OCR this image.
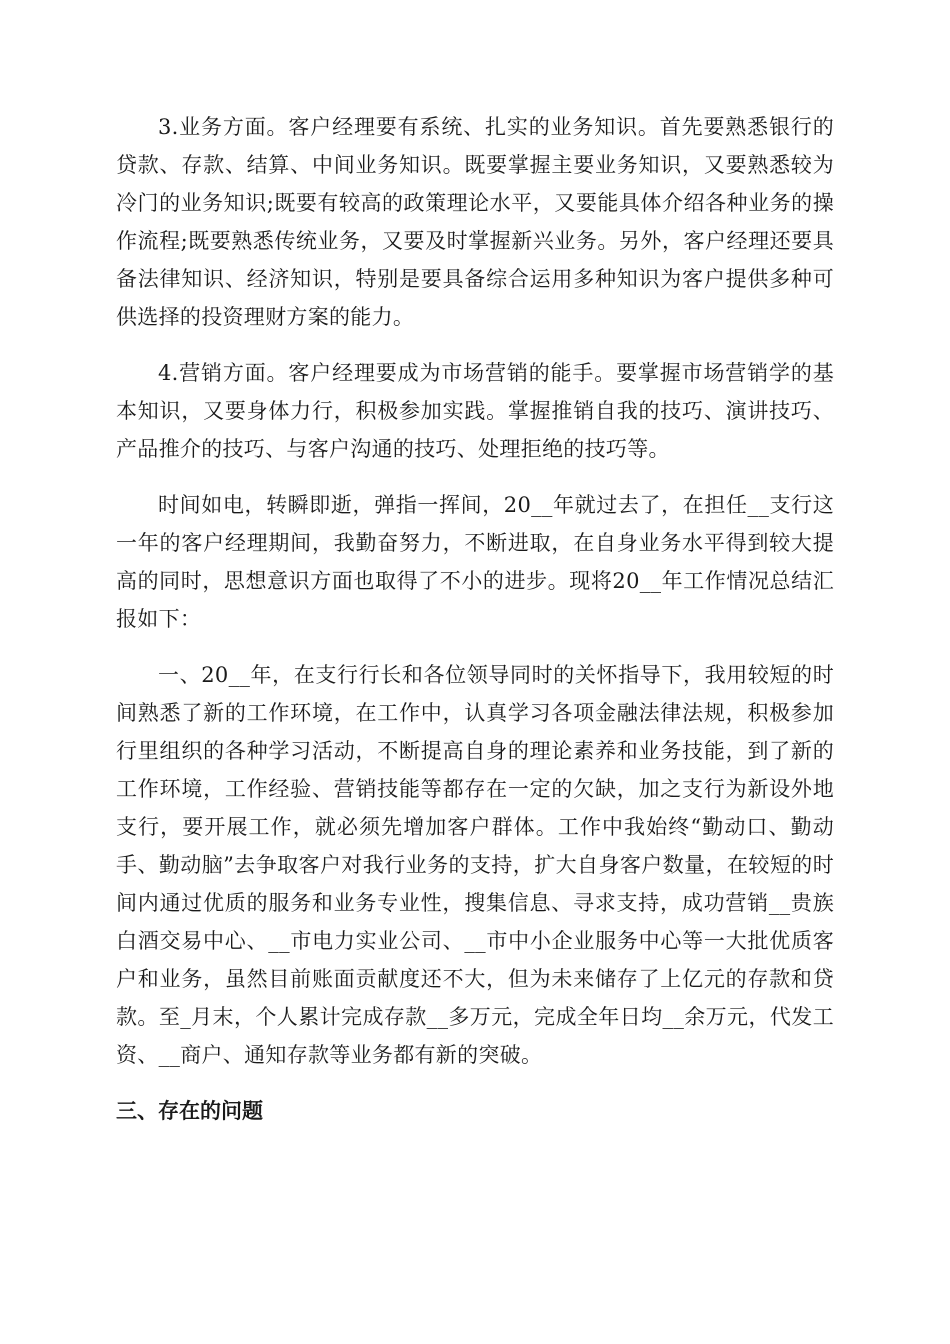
3.业务方面。客户经理要有系统、扎实的业务知识。首先要熟悉银行的贷款、存款、结算、中间业务知识。既要掌握主要业务知识，又要熟悉较为冷门的业务知识;既要有较高的政策理论水平，又要能具体介绍各种业务的操作流程;既要熟悉传统业务，又要及时掌握新兴业务。另外，客户经理还要具备法律知识、经济知识，特别是要具备综合运用多种知识为客户提供多种可供选择的投资理财方案的能力。

4.营销方面。客户经理要成为市场营销的能手。要掌握市场营销学的基本知识，又要身体力行，积极参加实践。掌握推销自我的技巧、演讲技巧、产品推介的技巧、与客户沟通的技巧、处理拒绝的技巧等。

时间如电，转瞬即逝，弹指一挥间，20__年就过去了，在担任__支行这一年的客户经理期间，我勤奋努力，不断进取，在自身业务水平得到较大提高的同时，思想意识方面也取得了不小的进步。现将20__年工作情况总结汇报如下：

一、20__年，在支行行长和各位领导同时的关怀指导下，我用较短的时间熟悉了新的工作环境，在工作中，认真学习各项金融法律法规，积极参加行里组织的各种学习活动，不断提高自身的理论素养和业务技能，到了新的工作环境，工作经验、营销技能等都存在一定的欠缺，加之支行为新设外地支行，要开展工作，就必须先增加客户群体。工作中我始终“勤动口、勤动手、勤动脑”去争取客户对我行业务的支持，扩大自身客户数量，在较短的时间内通过优质的服务和业务专业性，搜集信息、寻求支持，成功营销__贵族白酒交易中心、__市电力实业公司、__市中小企业服务中心等一大批优质客户和业务，虽然目前账面贡献度还不大，但为未来储存了上亿元的存款和贷款。至_月末，个人累计完成存款__多万元，完成全年日均__余万元，代发工资、__商户、通知存款等业务都有新的突破。

三、存在的问题
